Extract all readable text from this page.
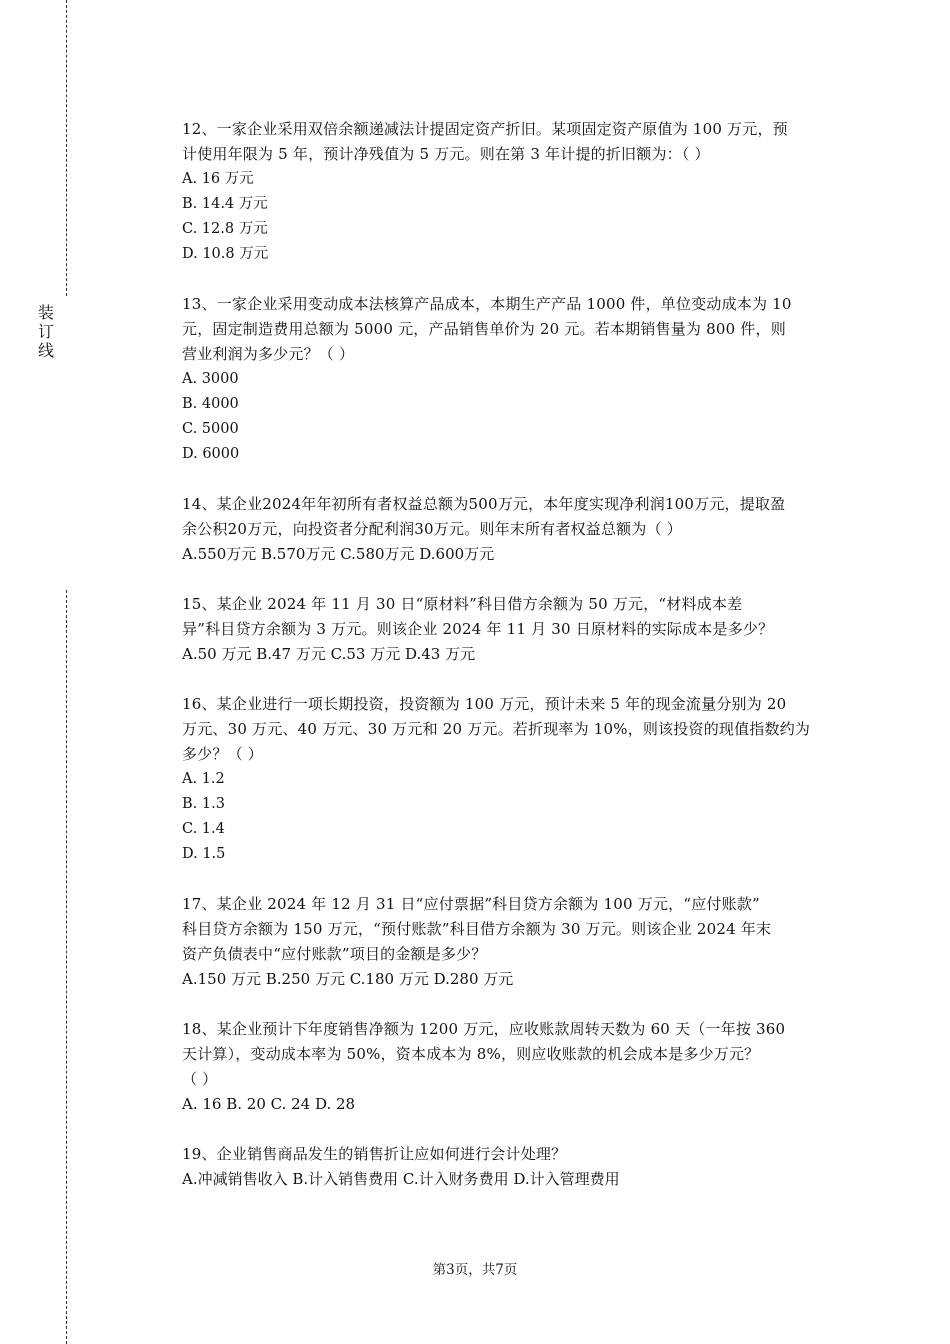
装
订
线
12、一家企业采用双倍余额递减法计提固定资产折旧。某项固定资产原值为 100 万元，预
计使用年限为 5 年，预计净残值为 5 万元。则在第 3 年计提的折旧额为：（ ）
A. 16 万元
B. 14.4 万元
C. 12.8 万元
D. 10.8 万元
13、一家企业采用变动成本法核算产品成本，本期生产产品 1000 件，单位变动成本为 10
元，固定制造费用总额为 5000 元，产品销售单价为 20 元。若本期销售量为 800 件，则
营业利润为多少元？（ ）
A. 3000
B. 4000
C. 5000
D. 6000
14、某企业2024年年初所有者权益总额为500万元，本年度实现净利润100万元，提取盈
余公积20万元，向投资者分配利润30万元。则年末所有者权益总额为（ ）
A.550万元 B.570万元 C.580万元 D.600万元
15、某企业 2024 年 11 月 30 日“原材料”科目借方余额为 50 万元，“材料成本差
异”科目贷方余额为 3 万元。则该企业 2024 年 11 月 30 日原材料的实际成本是多少？
A.50 万元 B.47 万元 C.53 万元 D.43 万元
16、某企业进行一项长期投资，投资额为 100 万元，预计未来 5 年的现金流量分别为 20
万元、30 万元、40 万元、30 万元和 20 万元。若折现率为 10%，则该投资的现值指数约为
多少？（ ）
A. 1.2
B. 1.3
C. 1.4
D. 1.5
17、某企业 2024 年 12 月 31 日“应付票据”科目贷方余额为 100 万元，“应付账款”
科目贷方余额为 150 万元，“预付账款”科目借方余额为 30 万元。则该企业 2024 年末
资产负债表中“应付账款”项目的金额是多少？
A.150 万元 B.250 万元 C.180 万元 D.280 万元
18、某企业预计下年度销售净额为 1200 万元，应收账款周转天数为 60 天（一年按 360
天计算），变动成本率为 50%，资本成本为 8%，则应收账款的机会成本是多少万元？
（ ）
A. 16 B. 20 C. 24 D. 28
19、企业销售商品发生的销售折让应如何进行会计处理？
A.冲减销售收入 B.计入销售费用 C.计入财务费用 D.计入管理费用
第3页，共7页
